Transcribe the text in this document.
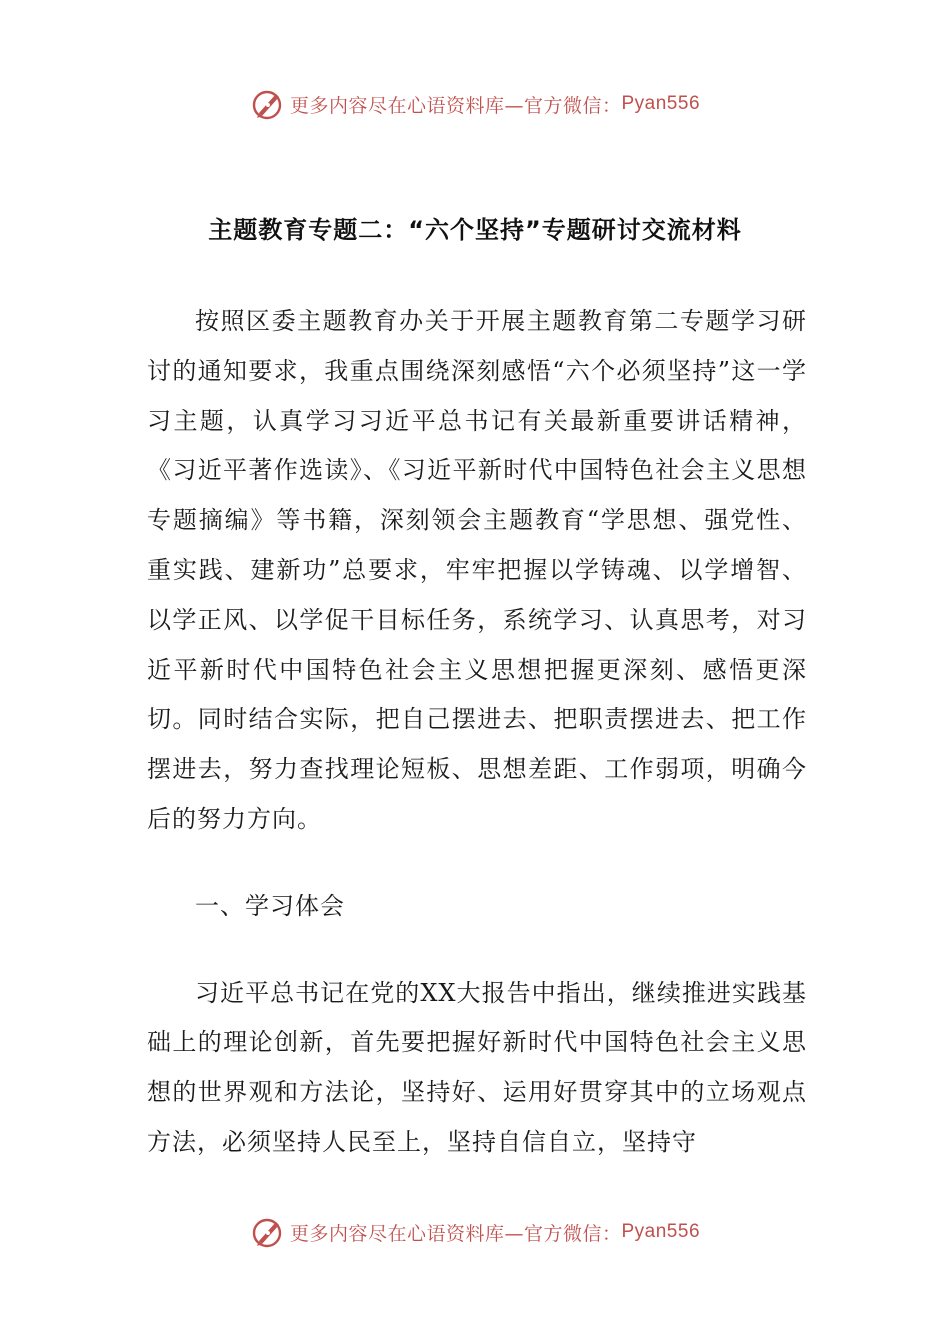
更多内容尽在心语资料库—官方微信： Pyan556
主题教育专题二：“六个坚持”专题研讨交流材料

按照区委主题教育办关于开展主题教育第二专题学习研讨的通知要求，我重点围绕深刻感悟“六个必须坚持”这一学习主题，认真学习习近平总书记有关最新重要讲话精神，《习近平著作选读》、《习近平新时代中国特色社会主义思想专题摘编》等书籍，深刻领会主题教育“学思想、强党性、重实践、建新功”总要求，牢牢把握以学铸魂、以学增智、以学正风、以学促干目标任务，系统学习、认真思考，对习近平新时代中国特色社会主义思想把握更深刻、感悟更深切。同时结合实际，把自己摆进去、把职责摆进去、把工作摆进去，努力查找理论短板、思想差距、工作弱项，明确今后的努力方向。

一、学习体会

习近平总书记在党的XX大报告中指出，继续推进实践基础上的理论创新，首先要把握好新时代中国特色社会主义思想的世界观和方法论，坚持好、运用好贯穿其中的立场观点方法，必须坚持人民至上，坚持自信自立，坚持守

更多内容尽在心语资料库—官方微信： Pyan556
